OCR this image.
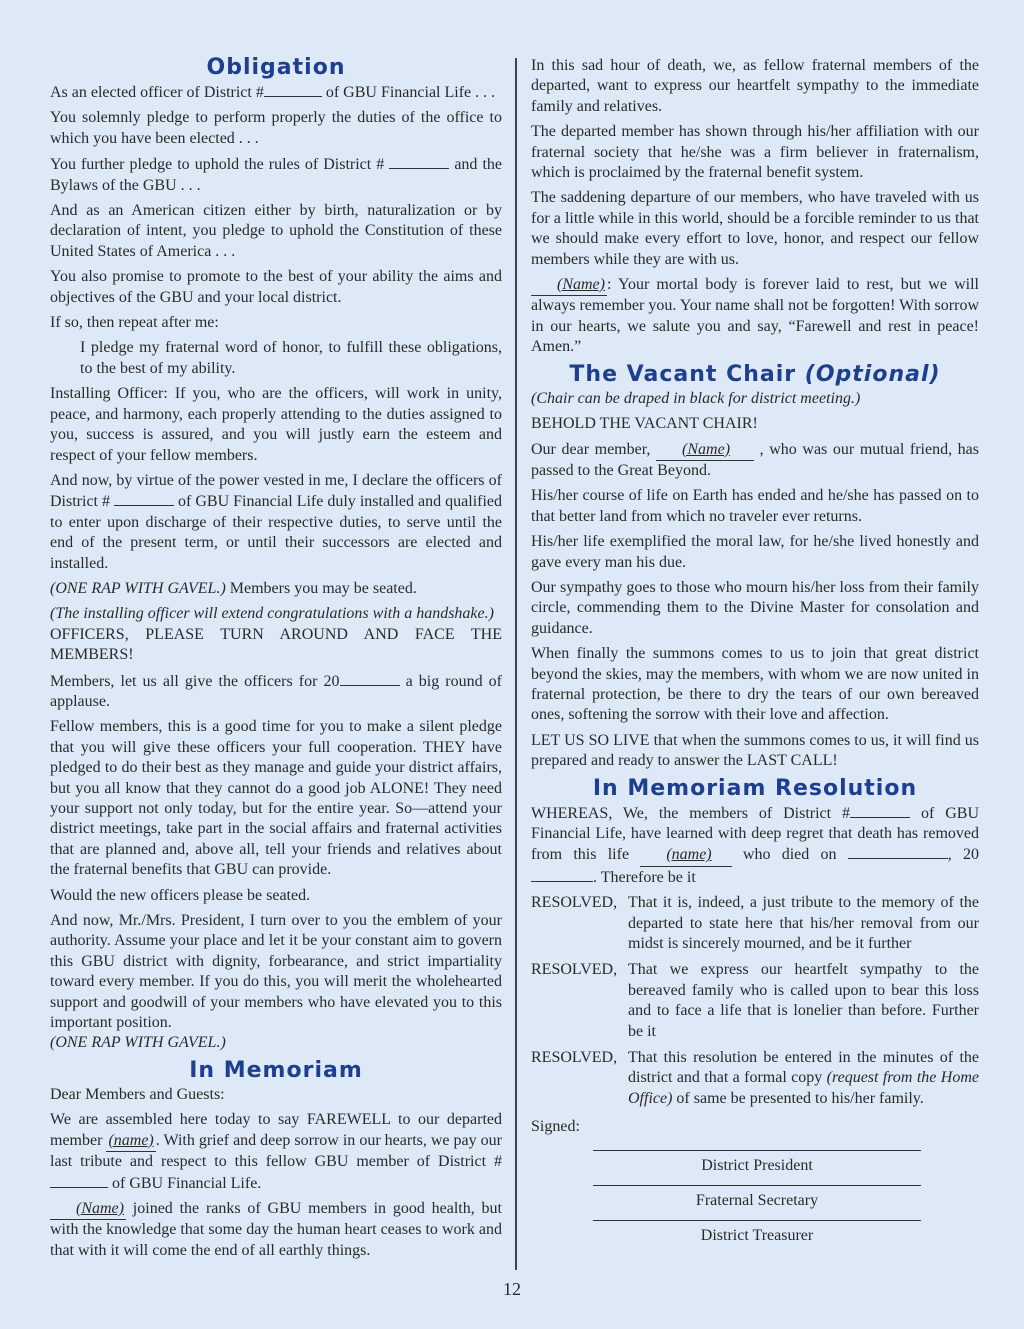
Obligation

As an elected officer of District #	of GBU Financial Life . . .

You solemnly pledge to perform properly the duties of the office to which you have been elected . . .

You further pledge to uphold the rules of District #	and the Bylaws of the GBU . . .

And as an American citizen either by birth, naturalization or by declaration of intent, you pledge to uphold the Constitution of these United States of America . . .

You also promise to promote to the best of your ability the aims and objectives of the GBU and your local district.

If so, then repeat after me:

I pledge my fraternal word of honor, to fulfill these obligations, to the best of my ability.

Installing Officer: If you, who are the officers, will work in unity, peace, and harmony, each properly attending to the duties assigned to you, success is assured, and you will justly earn the esteem and respect of your fellow members.

And now, by virtue of the power vested in me, I declare the officers of District #	of GBU Financial Life duly installed and qualified to enter upon discharge of their respective duties, to serve until the end of the present term, or until their successors are elected and installed.

(ONE RAP WITH GAVEL.) Members you may be seated.

(The installing officer will extend congratulations with a handshake.)

OFFICERS, PLEASE TURN AROUND AND FACE THE MEMBERS!

Members, let us all give the officers for 20	a big round of applause.

Fellow members, this is a good time for you to make a silent pledge that you will give these officers your full cooperation. THEY have pledged to do their best as they manage and guide your district affairs, but you all know that they cannot do a good job ALONE! They need your support not only today, but for the entire year. So—attend your district meetings, take part in the social affairs and fraternal activities that are planned and, above all, tell your friends and relatives about the fraternal benefits that GBU can provide.

Would the new officers please be seated.

And now, Mr./Mrs. President, I turn over to you the emblem of your authority. Assume your place and let it be your constant aim to govern this GBU district with dignity, forbearance, and strict impartiality toward every member. If you do this, you will merit the wholehearted support and goodwill of your members who have elevated you to this important position.

(ONE RAP WITH GAVEL.)

In Memoriam

Dear Members and Guests:

We are assembled here today to say FAREWELL to our departed member (name) . With grief and deep sorrow in our hearts, we pay our last tribute and respect to this fellow GBU member of District # of GBU Financial Life.

(Name) joined the ranks of GBU members in good health, but with the knowledge that some day the human heart ceases to work and that with it will come the end of all earthly things.

In this sad hour of death, we, as fellow fraternal members of the departed, want to express our heartfelt sympathy to the immediate family and relatives.

The departed member has shown through his/her affiliation with our fraternal society that he/she was a firm believer in fraternalism, which is proclaimed by the fraternal benefit system.

The saddening departure of our members, who have traveled with us for a little while in this world, should be a forcible reminder to us that we should make every effort to love, honor, and respect our fellow members while they are with us.

(Name) : Your mortal body is forever laid to rest, but we will always remember you. Your name shall not be forgotten! With sorrow in our hearts, we salute you and say, “Farewell and rest in peace! Amen.”

The Vacant Chair (Optional)

(Chair can be draped in black for district meeting.)

BEHOLD THE VACANT CHAIR!

Our dear member, (Name) , who was our mutual friend, has passed to the Great Beyond.

His/her course of life on Earth has ended and he/she has passed on to that better land from which no traveler ever returns.

His/her life exemplified the moral law, for he/she lived honestly and gave every man his due.

Our sympathy goes to those who mourn his/her loss from their family circle, commending them to the Divine Master for consolation and guidance.

When finally the summons comes to us to join that great district beyond the skies, may the members, with whom we are now united in fraternal protection, be there to dry the tears of our own bereaved ones, softening the sorrow with their love and affection.

LET US SO LIVE that when the summons comes to us, it will find us prepared and ready to answer the LAST CALL!

In Memoriam Resolution

WHEREAS, We, the members of District #	of GBU Financial Life, have learned with deep regret that death has removed from this life (name) who died on	, 20 . Therefore be it

RESOLVED, That it is, indeed, a just tribute to the memory of the departed to state here that his/her removal from our midst is sincerely mourned, and be it further
RESOLVED, That we express our heartfelt sympathy to the bereaved family who is called upon to bear this loss and to face a life that is lonelier than before. Further be it
RESOLVED, That this resolution be entered in the minutes of the district and that a formal copy (request from the Home Office) of same be presented to his/her family.

Signed:

District President
Fraternal Secretary
District Treasurer
12
